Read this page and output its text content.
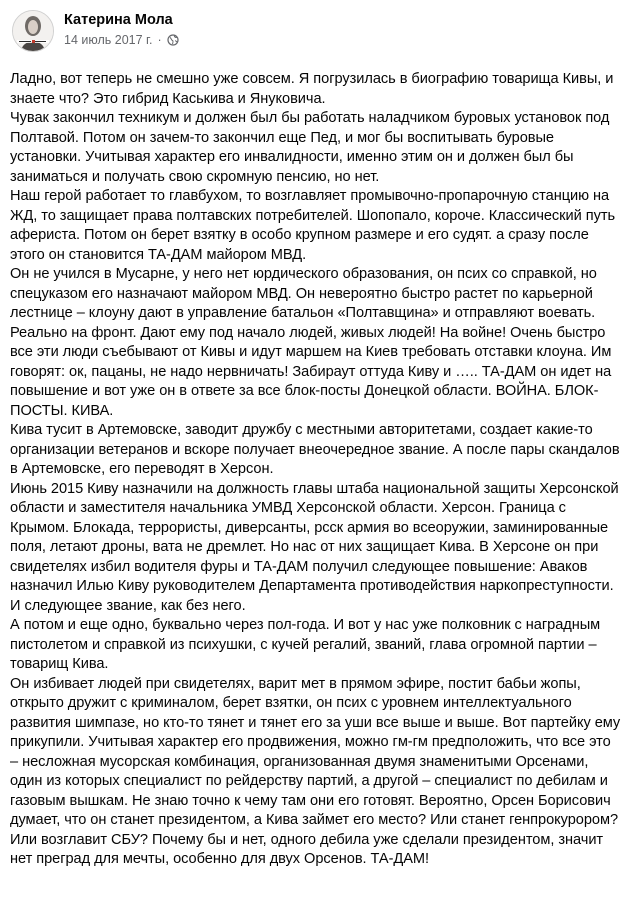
Катерина Мола
14 июль 2017 г. ·

Ладно, вот теперь не смешно уже совсем. Я погрузилась в биографию товарища Кивы, и знаете что? Это гибрид Каськива и Януковича.

Чувак закончил техникум и должен был бы работать наладчиком буровых установок под Полтавой. Потом он зачем-то закончил еще Пед, и мог бы воспитывать буровые установки. Учитывая характер его инвалидности, именно этим он и должен был бы заниматься и получать свою скромную пенсию, но нет.

Наш герой работает то главбухом, то возглавляет промывочно-пропарочную станцию на ЖД, то защищает права полтавских потребителей. Шопопало, короче. Классический путь афериста. Потом он берет взятку в особо крупном размере и его судят. а сразу после этого он становится ТА-ДАМ майором МВД.

Он не учился в Мусарне, у него нет юрдического образования, он псих со справкой, но спецуказом его назначают майором МВД. Он невероятно быстро растет по карьерной лестнице – клоуну дают в управление батальон «Полтавщина» и отправляют воевать. Реально на фронт. Дают ему под начало людей, живых людей! На войне! Очень быстро все эти люди съебывают от Кивы и идут маршем на Киев требовать отставки клоуна. Им говорят: ок, пацаны, не надо нервничать! Забираут оттуда Киву и ….. ТА-ДАМ он идет на повышение и вот уже он в ответе за все блок-посты Донецкой области. ВОЙНА. БЛОК-ПОСТЫ. КИВА.

Кива тусит в Артемовске, заводит дружбу с местными авторитетами, создает какие-то организации ветеранов и вскоре получает внеочередное звание. А после пары скандалов в Артемовске, его переводят в Херсон.

Июнь 2015 Киву назначили на должность главы штаба национальной защиты Херсонской области и заместителя начальника УМВД Херсонской области. Херсон. Граница с Крымом. Блокада, террористы, диверсанты, рсск армия во всеоружии, заминированные поля, летают дроны, вата не дремлет. Но нас от них защищает Кива. В Херсоне он при свидетелях избил водителя фуры и ТА-ДАМ получил следующее повышение: Аваков назначил Илью Киву руководителем Департамента противодействия наркопреступности. И следующее звание, как без него.

А потом и еще одно, буквально через пол-года. И вот у нас уже полковник с наградным пистолетом и справкой из психушки, с кучей регалий, званий, глава огромной партии – товарищ Кива.

Он избивает людей при свидетелях, варит мет в прямом эфире, постит бабьи жопы, открыто дружит с криминалом, берет взятки, он псих с уровнем интеллектуального развития шимпазе, но кто-то тянет и тянет его за уши все выше и выше. Вот партейку ему прикупили. Учитывая характер его продвижения, можно гм-гм предположить, что все это – несложная мусорская комбинация, организованная двумя знаменитыми Орсенами, один из которых специалист по рейдерству партий, а другой – специалист по дебилам и газовым вышкам. Не знаю точно к чему там они его готовят. Вероятно, Орсен Борисович думает, что он станет президентом, а Кива займет его место? Или станет генпрокурором? Или возглавит СБУ? Почему бы и нет, одного дебила уже сделали президентом, значит нет преград для мечты, особенно для двух Орсенов. ТА-ДАМ!
